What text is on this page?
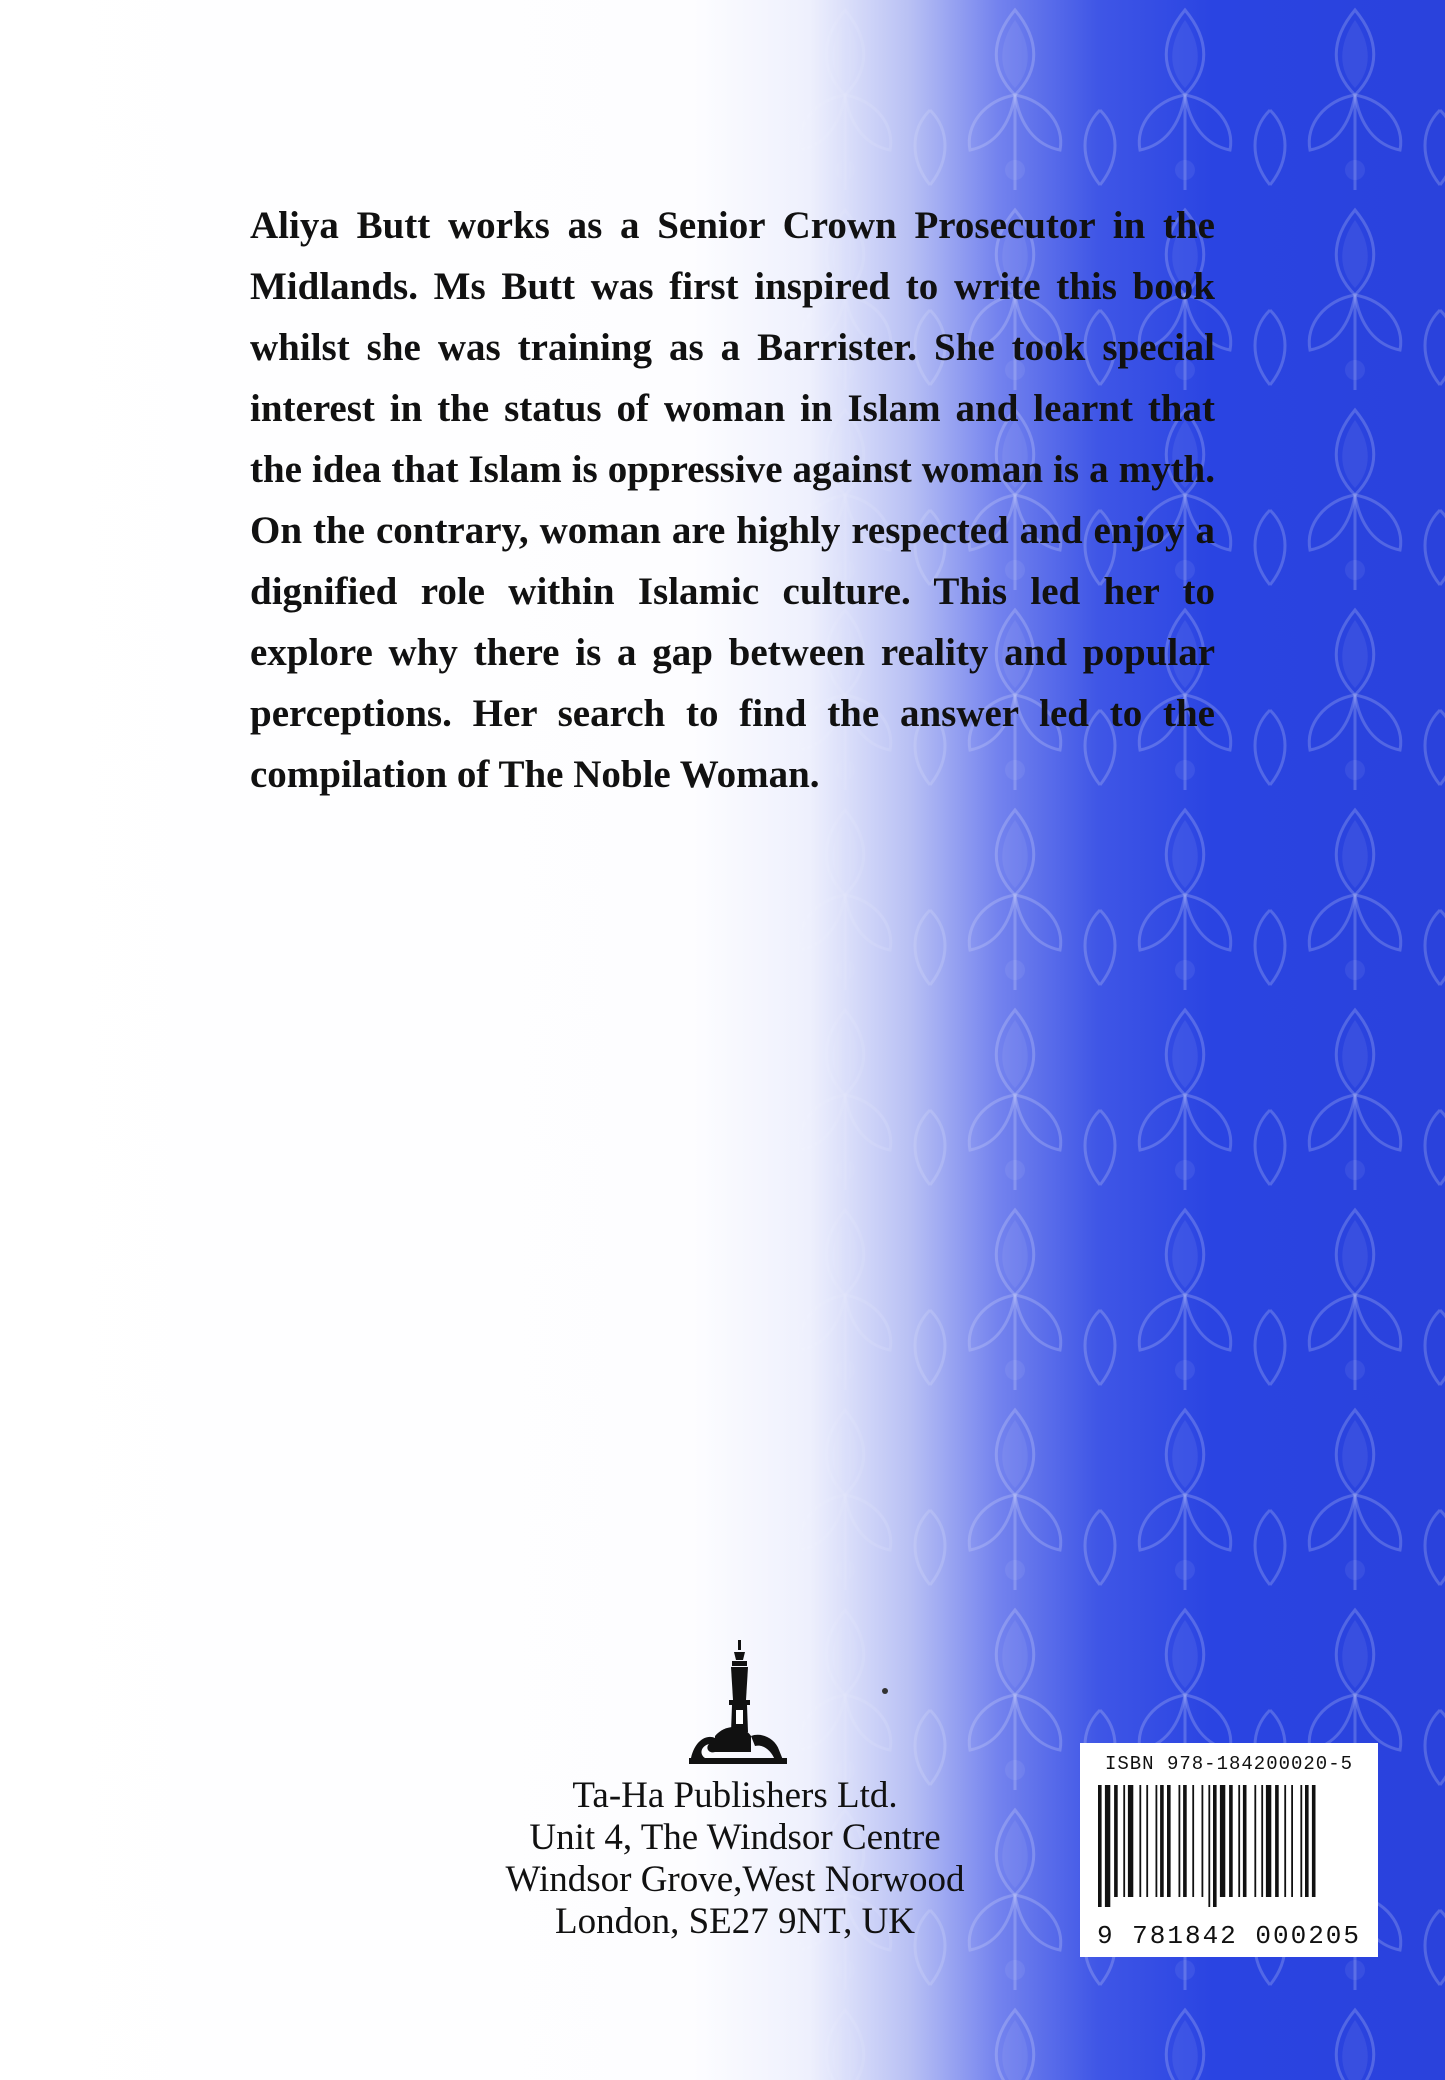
Aliya Butt works as a Senior Crown Prosecutor in the Midlands. Ms Butt was first inspired to write this book whilst she was training as a Barrister. She took special interest in the status of woman in Islam and learnt that the idea that Islam is oppressive against woman is a myth. On the contrary, woman are highly respected and enjoy a dignified role within Islamic culture. This led her to explore why there is a gap between reality and popular perceptions. Her search to find the answer led to the compilation of The Noble Woman.

Ta-Ha Publishers Ltd.
Unit 4, The Windsor Centre
Windsor Grove,West Norwood
London, SE27 9NT, UK
ISBN 978-184200020-5
9 781842 000205
